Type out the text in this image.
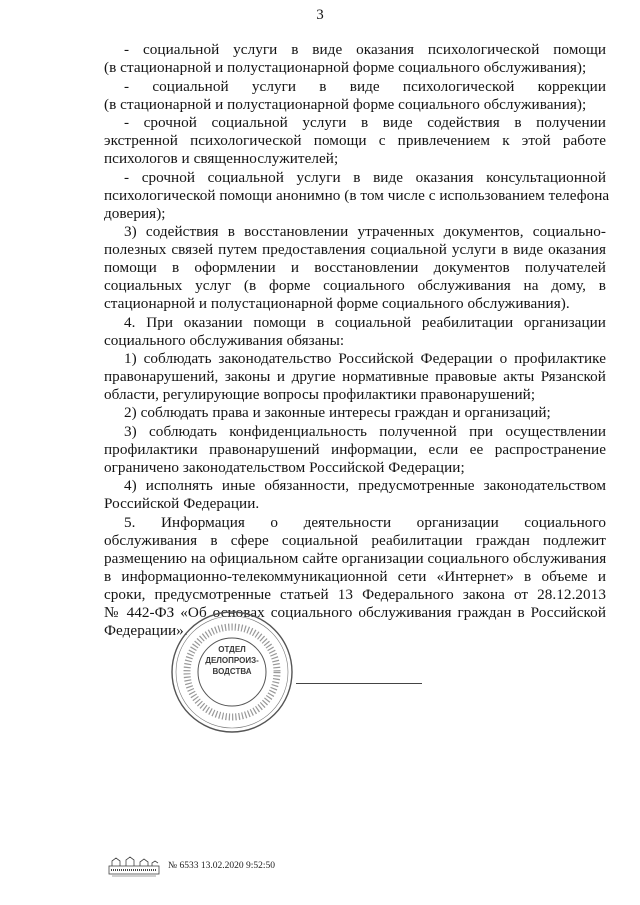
3
- социальной услуги в виде оказания психологической помощи
(в стационарной и полустационарной форме социального обслуживания);
- социальной услуги в виде психологической коррекции
(в стационарной и полустационарной форме социального обслуживания);
- срочной социальной услуги в виде содействия в получении
экстренной психологической помощи с привлечением к этой работе
психологов и священнослужителей;
- срочной социальной услуги в виде оказания консультационной
психологической помощи анонимно (в том числе с использованием телефона
доверия);
3) содействия в восстановлении утраченных документов, социально-
полезных связей путем предоставления социальной услуги в виде оказания
помощи в оформлении и восстановлении документов получателей
социальных услуг (в форме социального обслуживания на дому, в
стационарной и полустационарной форме социального обслуживания).
4. При оказании помощи в социальной реабилитации организации
социального обслуживания обязаны:
1) соблюдать законодательство Российской Федерации о профилактике
правонарушений, законы и другие нормативные правовые акты Рязанской
области, регулирующие вопросы профилактики правонарушений;
2) соблюдать права и законные интересы граждан и организаций;
3) соблюдать конфиденциальность полученной при осуществлении
профилактики правонарушений информации, если ее распространение
ограничено законодательством Российской Федерации;
4) исполнять иные обязанности, предусмотренные законодательством
Российской Федерации.
5. Информация о деятельности организации социального
обслуживания в сфере социальной реабилитации граждан подлежит
размещению на официальном сайте организации социального обслуживания
в информационно-телекоммуникационной сети «Интернет» в объеме и
сроки, предусмотренные статьей 13 Федерального закона от 28.12.2013
№ 442-ФЗ «Об основах социального обслуживания граждан в Российской
Федерации».
ОТДЕЛ
ДЕЛОПРОИЗ-
ВОДСТВА
№ 6533 13.02.2020 9:52:50
